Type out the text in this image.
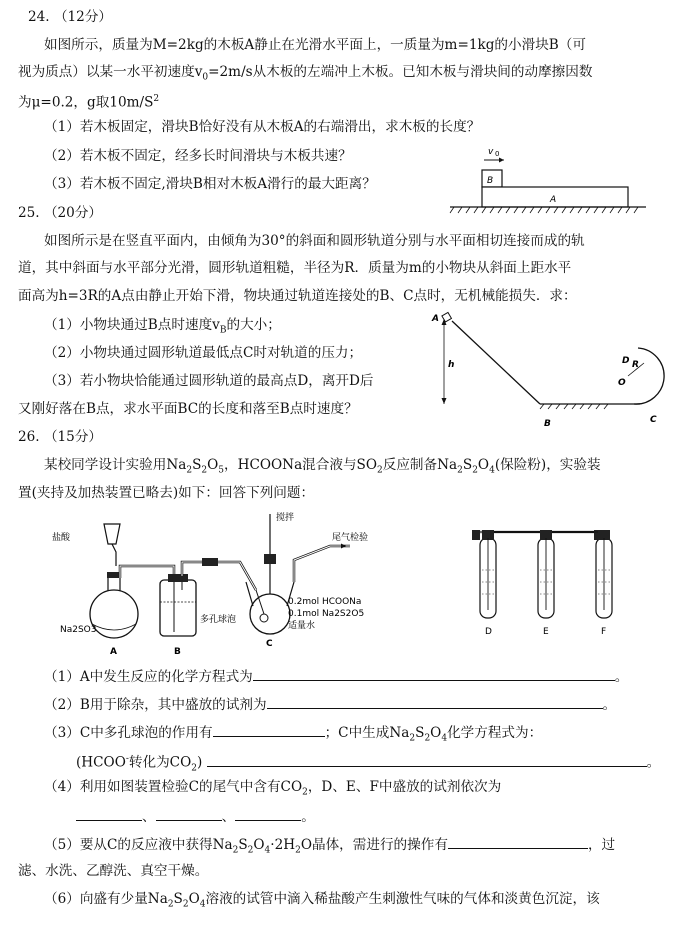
24. （12分）
如图所示，质量为M=2kg的木板A静止在光滑水平面上，一质量为m=1kg的小滑块B（可
视为质点）以某一水平初速度$v_0=2m/s$从木板的左端冲上木板。已知木板与滑块间的动摩擦因数
为μ=0.2，g取$10m/S^2$
（1）若木板固定，滑块B恰好没有从木板A的右端滑出，求木板的长度？
（2）若木板不固定，经多长时间滑块与木板共速？
（3）若木板不固定,滑块B相对木板A滑行的最大距离？
v 0
B
A
25. （20分）
如图所示是在竖直平面内，由倾角为30°的斜面和圆形轨道分别与水平面相切连接而成的轨
道，其中斜面与水平部分光滑，圆形轨道粗糙，半径为R．质量为m的小物块从斜面上距水平
面高为h=3R的A点由静止开始下滑，物块通过轨道连接处的B、C点时，无机械能损失．求：
（1）小物块通过B点时速度$v_B$的大小；
（2）小物块通过圆形轨道最低点C时对轨道的压力；
（3）若小物块恰能通过圆形轨道的最高点D，离开D后
又刚好落在B点，求水平面BC的长度和落至B点时速度？
A
h
B	C
D R
O
26. （15分）
某校同学设计实验用$Na_2S_2O_5$，HCOONa混合液与$SO_2$反应制备$Na_2S_2O_4$(保险粉)，实验装
置(夹持及加热装置已略去)如下：回答下列问题：
盐酸
Na2SO3
A	B
搅拌
多孔球泡
C
尾气检验
0.2mol HCOONa
0.1mol Na2S2O5
适量水
D	E	F
（1）A中发生反应的化学方程式为	。
（2）B用于除杂，其中盛放的试剂为	。
（3）C中多孔球泡的作用有	；C中生成$Na_2S_2O_4$化学方程式为：
(HCOO-转化为$CO_2$)	。
（4）利用如图装置检验C的尾气中含有$CO_2$，D、E、F中盛放的试剂依次为
、	、	。
（5）要从C的反应液中获得$Na_2S_2O_4\cdot 2H_2O$晶体，需进行的操作有	，过
滤、水洗、乙醇洗、真空干燥。
（6）向盛有少量$Na_2S_2O_4$溶液的试管中滴入稀盐酸产生刺激性气味的气体和淡黄色沉淀，该
